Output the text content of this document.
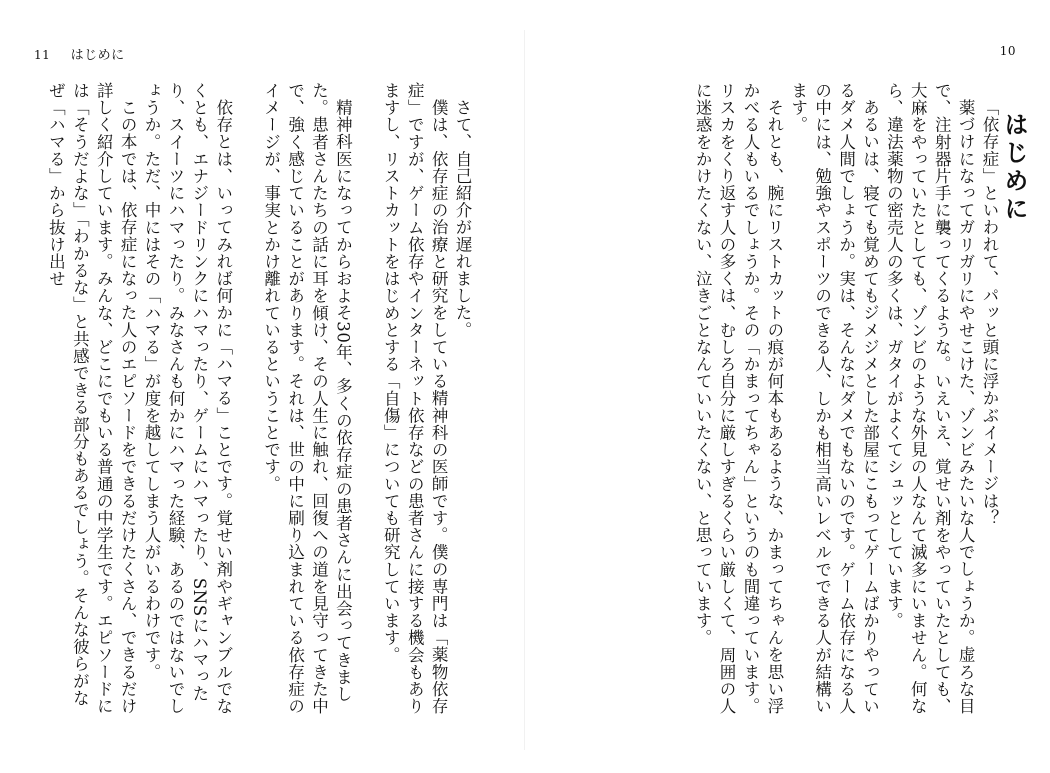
11 はじめに

さて、自己紹介が遅れました。

僕は、依存症の治療と研究をしている精神科の医師です。僕の専門は「薬物依存症」ですが、ゲーム依存やインターネット依存などの患者さんに接する機会もありますし、リストカットをはじめとする「自傷」についても研究しています。

精神科医になってからおよそ30年、多くの依存症の患者さんに出会ってきました。患者さんたちの話に耳を傾け、その人生に触れ、回復への道を見守ってきた中で、強く感じていることがあります。それは、世の中に刷り込まれている依存症のイメージが、事実とかけ離れているということです。

依存とは、いってみれば何かに「ハマる」ことです。覚せい剤やギャンブルでなくとも、エナジードリンクにハマったり、ゲームにハマったり、SNSにハマったり、スイーツにハマったり。みなさんも何かにハマった経験、あるのではないでしょうか。ただ、中にはその「ハマる」が度を越してしまう人がいるわけです。

この本では、依存症になった人のエピソードをできるだけたくさん、できるだけ詳しく紹介しています。みんな、どこにでもいる普通の中学生です。エピソードには「そうだよな」「わかるな」と共感できる部分もあるでしょう。そんな彼らがなぜ「ハマる」から抜け出せ

10
はじめに

「依存症」といわれて、パッと頭に浮かぶイメージは？

薬づけになってガリガリにやせこけた、ゾンビみたいな人でしょうか。虚ろな目で、注射器片手に襲ってくるような。いえいえ、覚せい剤をやっていたとしても、大麻をやっていたとしても、ゾンビのような外見の人なんて滅多にいません。何なら、違法薬物の密売人の多くは、ガタイがよくてシュッとしています。

あるいは、寝ても覚めてもジメジメとした部屋にこもってゲームばかりやっているダメ人間でしょうか。実は、そんなにダメでもないのです。ゲーム依存になる人の中には、勉強やスポーツのできる人、しかも相当高いレベルでできる人が結構います。

それとも、腕にリストカットの痕が何本もあるような、かまってちゃんを思い浮かべる人もいるでしょうか。その「かまってちゃん」というのも間違っています。リスカをくり返す人の多くは、むしろ自分に厳しすぎるくらい厳しくて、周囲の人に迷惑をかけたくない、泣きごとなんていいたくない、と思っています。
